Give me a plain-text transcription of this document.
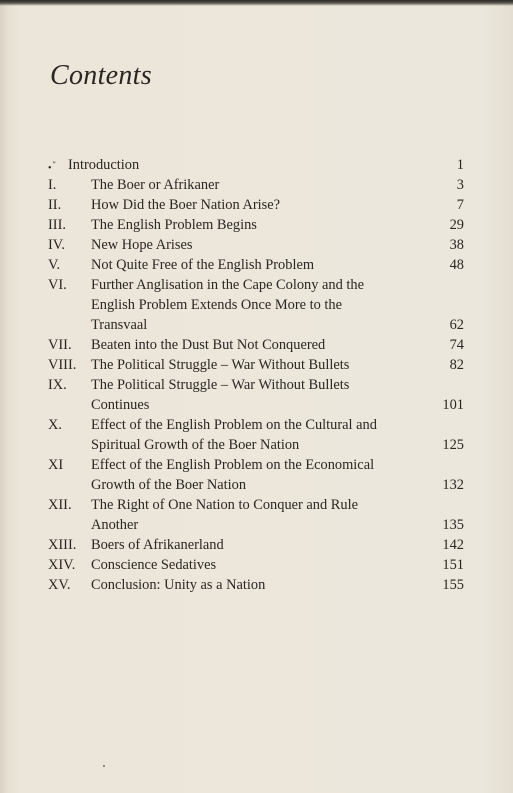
Contents
•" Introduction	1
I. The Boer or Afrikaner	3
II. How Did the Boer Nation Arise?	7
III. The English Problem Begins	29
IV. New Hope Arises	38
V. Not Quite Free of the English Problem	48
VI. Further Anglisation in the Cape Colony and the
English Problem Extends Once More to the
Transvaal	62
VII. Beaten into the Dust But Not Conquered	74
VIII. The Political Struggle – War Without Bullets	82
IX. The Political Struggle – War Without Bullets
Continues	101
X. Effect of the English Problem on the Cultural and
Spiritual Growth of the Boer Nation	125
XI Effect of the English Problem on the Economical
Growth of the Boer Nation	132
XII. The Right of One Nation to Conquer and Rule
Another	135
XIII. Boers of Afrikanerland	142
XIV. Conscience Sedatives	151
XV. Conclusion: Unity as a Nation	155
